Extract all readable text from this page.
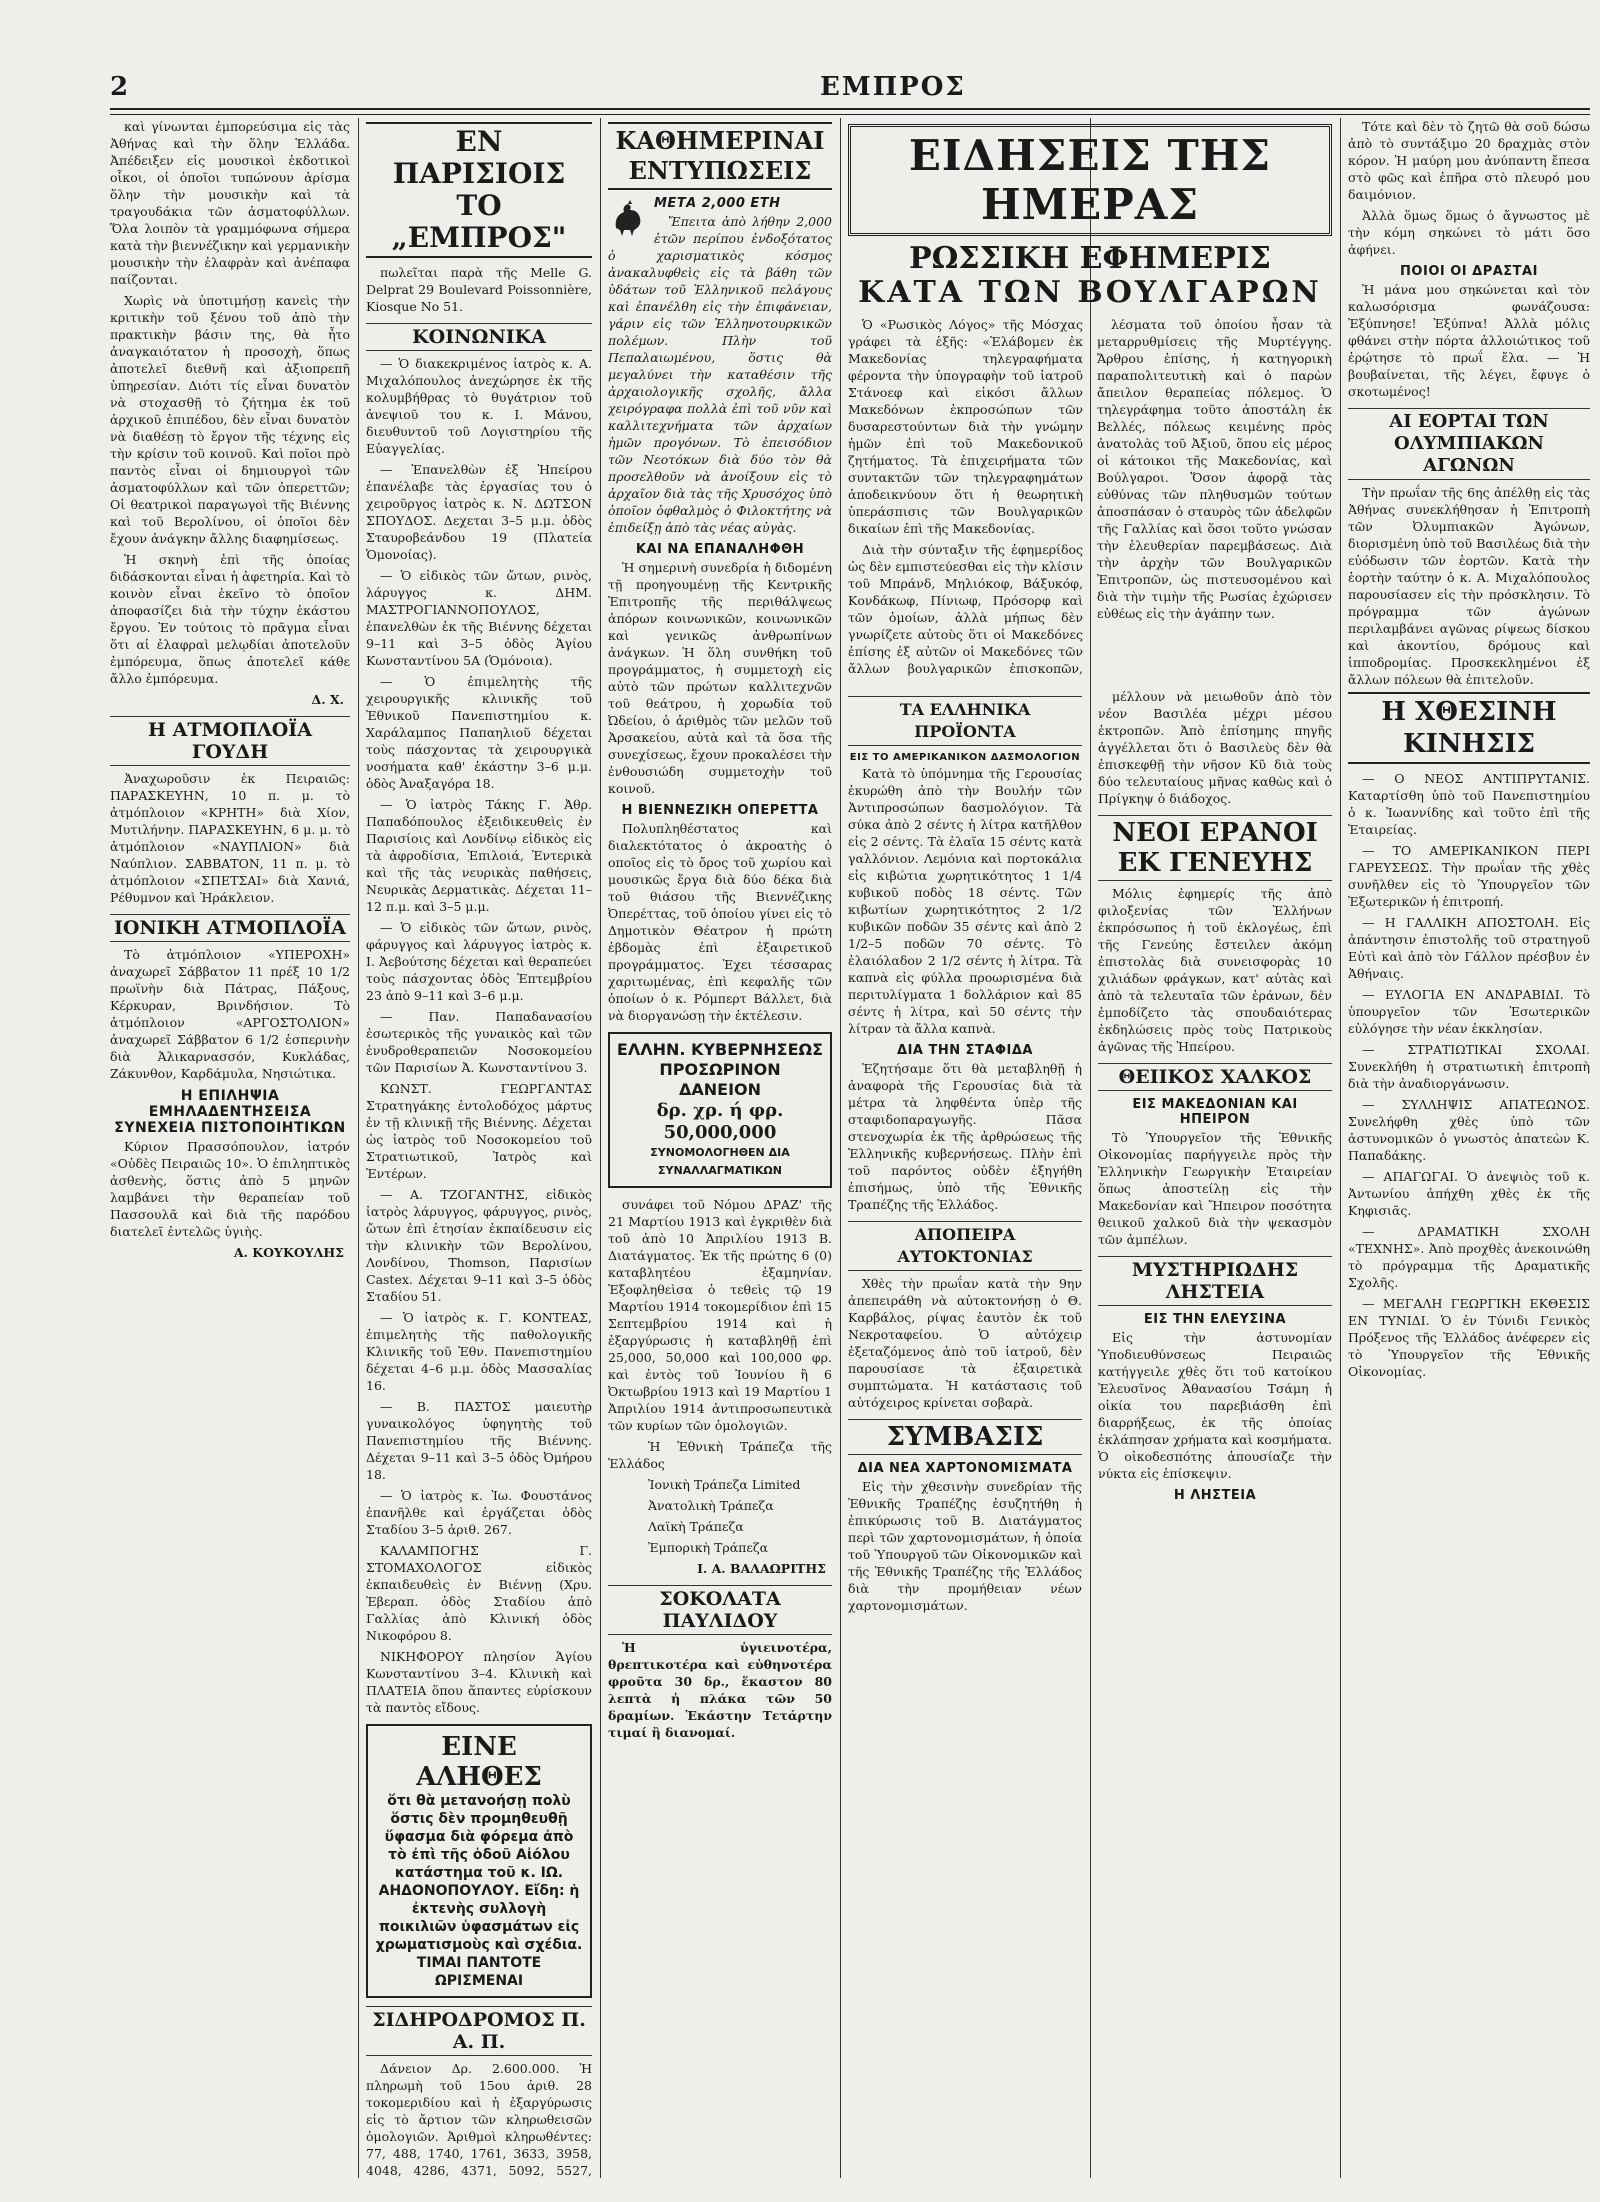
2	ΕΜΠΡΟΣ

καὶ γίνωνται ἐμπορεύσιμα εἰς τὰς Ἀθήνας καὶ τὴν ὅλην Ἑλλάδα. Ἀπέδειξεν εἰς μουσικοὶ ἐκδοτικοὶ οἶκοι, οἱ ὁποῖοι τυπώνουν ἀρίσμα ὅλην τὴν μουσικὴν καὶ τὰ τραγουδάκια τῶν ἀσματοφύλλων. Ὅλα λοιπὸν τὰ γραμμόφωνα σήμερα κατὰ τὴν βιεννέζικην καὶ γερμανικὴν μουσικὴν τὴν ἐλαφρὰν καὶ ἀνέπαφα παίζονται.

Χωρὶς νὰ ὑποτιμήσῃ κανεὶς τὴν κριτικὴν τοῦ ξένου τοῦ ἀπὸ τὴν πρακτικὴν βάσιν της, θὰ ἦτο ἀναγκαιότατον ἡ προσοχὴ, ὅπως ἀποτελεῖ διεθνῆ καὶ ἀξιοπρεπῆ ὑπηρεσίαν. Διότι τίς εἶναι δυνατὸν νὰ στοχασθῇ τὸ ζήτημα ἐκ τοῦ ἀρχικοῦ ἐπιπέδου, δὲν εἶναι δυνατὸν νὰ διαθέσῃ τὸ ἔργον τῆς τέχνης εἰς τὴν κρίσιν τοῦ κοινοῦ. Καὶ ποῖοι πρὸ παντὸς εἶναι οἱ δημιουργοὶ τῶν ἀσματοφύλλων καὶ τῶν ὀπερεττῶν; Οἱ θεατρικοὶ παραγωγοὶ τῆς Βιέννης καὶ τοῦ Βερολίνου, οἱ ὁποῖοι δὲν ἔχουν ἀνάγκην ἄλλης διαφημίσεως.

Ἡ σκηνὴ ἐπὶ τῆς ὁποίας διδάσκονται εἶναι ἡ ἀφετηρία. Καὶ τὸ κοινὸν εἶναι ἐκεῖνο τὸ ὁποῖον ἀποφασίζει διὰ τὴν τύχην ἑκάστου ἔργου. Ἐν τούτοις τὸ πρᾶγμα εἶναι ὅτι αἱ ἐλαφραὶ μελῳδίαι ἀποτελοῦν ἐμπόρευμα, ὅπως ἀποτελεῖ κάθε ἄλλο ἐμπόρευμα.

Δ. Χ.
Η ΑΤΜΟΠΛΟΪΑ ΓΟΥΔΗ

Ἀναχωροῦσιν ἐκ Πειραιῶς: ΠΑΡΑΣΚΕΥΗΝ, 10 π. μ. τὸ ἀτμόπλοιον «ΚΡΗΤΗ» διὰ Χίον, Μυτιλήνην. ΠΑΡΑΣΚΕΥΗΝ, 6 μ. μ. τὸ ἀτμόπλοιον «ΝΑΥΠΛΙΟΝ» διὰ Ναύπλιον. ΣΑΒΒΑΤΟΝ, 11 π. μ. τὸ ἀτμόπλοιον «ΣΠΕΤΣΑΙ» διὰ Χανιά, Ρέθυμνον καὶ Ἡράκλειον.

ΙΟΝΙΚΗ ΑΤΜΟΠΛΟΪΑ

Τὸ ἀτμόπλοιον «ΥΠΕΡΟΧΗ» ἀναχωρεῖ Σάββατον 11 πρέξ 10 1/2 πρωϊνὴν διὰ Πάτρας, Πάξους, Κέρκυραν, Βρινδήσιον. Τὸ ἀτμόπλοιον «ΑΡΓΟΣΤΟΛΙΟΝ» ἀναχωρεῖ Σάββατον 6 1/2 ἑσπερινὴν διὰ Ἀλικαρνασσόν, Κυκλάδας, Ζάκυνθον, Καρδάμυλα, Νησιώτικα.

Η ΕΠΙΛΗΨΙΑ ΕΜΗΛΑΔΕΝΤΗΣΕΙΣΑ ΣΥΝΕΧΕΙΑ ΠΙΣΤΟΠΟΙΗΤΙΚΩΝ

Κύριον Πρασσόπουλον, ἰατρόν «Οὐδὲς Πειραιῶς 10». Ὁ ἐπιληπτικὸς ἀσθενὴς, ὅστις ἀπὸ 5 μηνῶν λαμβάνει τὴν θεραπείαν τοῦ Πασσουλᾶ καὶ διὰ τῆς παρόδου διατελεῖ ἐντελῶς ὑγιὴς.

Α. ΚΟΥΚΟΥΛΗΣ
ΕΝ ΠΑΡΙΣΙΟΙΣ ΤΟ „ΕΜΠΡΟΣ"

πωλεῖται παρὰ τῆς Melle G. Delprat 29 Boulevard Poissonnière, Kiosque No 51.

ΚΟΙΝΩΝΙΚΑ

— Ὁ διακεκριμένος ἰατρὸς κ. Α. Μιχαλόπουλος ἀνεχώρησε ἐκ τῆς κολυμβήθρας τὸ θυγάτριον τοῦ ἀνεψιοῦ του κ. Ι. Μάνου, διευθυντοῦ τοῦ Λογιστηρίου τῆς Εὐαγγελίας.

— Ἐπανελθὼν ἐξ Ἠπείρου ἐπανέλαβε τὰς ἐργασίας του ὁ χειροῦργος ἰατρὸς κ. Ν. ΔΩΤΣΟΝ ΣΠΟΥΔΟΣ. Δεχεται 3–5 μ.μ. ὁδὸς Σταυροβεάνδου 19 (Πλατεία Ὁμονοίας).

— Ὁ εἰδικὸς τῶν ὤτων, ρινὸς, λάρυγγος κ. ΔΗΜ. ΜΑΣΤΡΟΓΙΑΝΝΟΠΟΥΛΟΣ, ἐπανελθὼν ἐκ τῆς Βιέννης δέχεται 9–11 καὶ 3–5 ὁδὸς Ἁγίου Κωνσταντίνου 5Α (Ὁμόνοια).

— Ὁ ἐπιμελητὴς τῆς χειρουργικῆς κλινικῆς τοῦ Ἐθνικοῦ Πανεπιστημίου κ. Χαράλαμπος Παπαηλιοῦ δέχεται τοὺς πάσχοντας τὰ χειρουργικὰ νοσήματα καθ' ἑκάστην 3–6 μ.μ. ὁδὸς Ἀναξαγόρα 18.

— Ὁ ἰατρὸς Τάκης Γ. Ἀθρ. Παπαδόπουλος ἐξειδικευθεὶς ἐν Παρισίοις καὶ Λονδίνῳ εἰδικὸς εἰς τὰ ἀφροδίσια, Ἐπιλοιά, Ἐντερικὰ καὶ τῆς τὰς νευρικὰς παθήσεις, Νευρικὰς Δερματικὰς. Δέχεται 11–12 π.μ. καὶ 3–5 μ.μ.

— Ὁ εἰδικὸς τῶν ὤτων, ρινὸς, φάρυγγος καὶ λάρυγγος ἰατρὸς κ. Ι. Ἀεβούτσης δέχεται καὶ θεραπεύει τοὺς πάσχοντας ὁδὸς Ἐπτεμβρίου 23 ἀπὸ 9–11 καὶ 3–6 μ.μ.

— Παν. Παπαδανασίου ἐσωτερικὸς τῆς γυναικὸς καὶ τῶν ἐνυδροθεραπειῶν Νοσοκομείου τῶν Παρισίων Ἀ. Κωνσταντίνου 3.

ΚΩΝΣΤ. ΓΕΩΡΓΑΝΤΑΣ Στρατηγάκης ἐντολοδόχος μάρτυς ἐν τῇ κλινικῇ τῆς Βιέννης. Δέχεται ὡς ἰατρὸς τοῦ Νοσοκομείου τοῦ Στρατιωτικοῦ, Ἰατρὸς καὶ Ἐντέρων.

— Α. ΤΖΟΓΑΝΤΗΣ, εἰδικὸς ἰατρὸς λάρυγγος, φάρυγγος, ρινὸς, ὤτων ἐπὶ ἐτησίαν ἐκπαίδευσιν εἰς τὴν κλινικὴν τῶν Βερολίνου, Λονδίνου, Thomson, Παρισίων Castex. Δέχεται 9–11 καὶ 3–5 ὁδὸς Σταδίου 51.

— Ὁ ἰατρὸς κ. Γ. ΚΟΝΤΕΑΣ, ἐπιμελητὴς τῆς παθολογικῆς Κλινικῆς τοῦ Ἐθν. Πανεπιστημίου δέχεται 4–6 μ.μ. ὁδὸς Μασσαλίας 16.

— Β. ΠΑΣΤΟΣ μαιευτὴρ γυναικολόγος ὑφηγητὴς τοῦ Πανεπιστημίου τῆς Βιέννης. Δέχεται 9–11 καὶ 3–5 ὁδὸς Ὀμήρου 18.

— Ὁ ἰατρὸς κ. Ἰω. Φουστάνος ἐπανῆλθε καὶ ἐργάζεται ὁδὸς Σταδίου 3–5 ἀριθ. 267.

ΚΑΛΑΜΠΟΓΗΣ Γ. ΣΤΟΜΑΧΟΛΟΓΟΣ εἰδικὸς ἐκπαιδευθεὶς ἐν Βιέννῃ (Χρυ. Ἐβεραπ. ὁδὸς Σταδίου ἀπὸ Γαλλίας ἀπὸ Κλινική ὁδὸς Νικοφόρου 8.

ΝΙΚΗΦΟΡΟΥ πλησίον Ἁγίου Κωνσταντίνου 3–4. Κλινικὴ καὶ ΠΛΑΤΕΙΑ ὅπου ἅπαντες εὑρίσκουν τὰ παντὸς εἴδους.

ΕΙΝΕ ΑΛΗΘΕΣ
ὅτι θὰ μετανοήσῃ πολὺ ὅστις δὲν προμηθευθῇ ὕφασμα διὰ φόρεμα ἀπὸ τὸ ἐπὶ τῆς ὁδοῦ Αἰόλου κατάστημα τοῦ κ. ΙΩ. ΑΗΔΟΝΟΠΟΥΛΟΥ. Εἴδη: ἡ ἐκτενὴς συλλογὴ ποικιλιῶν ὑφασμάτων εἰς χρωματισμοὺς καὶ σχέδια. ΤΙΜΑΙ ΠΑΝΤΟΤΕ ΩΡΙΣΜΕΝΑΙ
ΣΙΔΗΡΟΔΡΟΜΟΣ Π. Α. Π.

Δάνειον Δρ. 2.600.000. Ἡ πληρωμὴ τοῦ 15ου ἀριθ. 28 τοκομεριδίου καὶ ἡ ἐξαργύρωσις εἰς τὸ ἄρτιον τῶν κληρωθεισῶν ὁμολογιῶν. Ἀριθμοὶ κληρωθέντες: 77, 488, 1740, 1761, 3633, 3958, 4048, 4286, 4371, 5092, 5527,

ΚΑΘΗΜΕΡΙΝΑΙ ΕΝΤΥΠΩΣΕΙΣ
ΜΕΤΑ 2,000 ΕΤΗ

Ἔπειτα ἀπὸ λήθην 2,000 ἐτῶν περίπου ἐνδοξότατος ὁ χαρισματικὸς κόσμος ἀνακαλυφθεὶς εἰς τὰ βάθη τῶν ὑδάτων τοῦ Ἑλληνικοῦ πελάγους καὶ ἐπανέλθη εἰς τὴν ἐπιφάνειαν, γάριν εἰς τῶν Ἑλληνοτουρκικῶν πολέμων. Πλὴν τοῦ Πεπαλαιωμένου, ὅστις θὰ μεγαλύνει τὴν καταθέσιν τῆς ἀρχαιολογικῆς σχολῆς, ἄλλα χειρόγραφα πολλὰ ἐπὶ τοῦ νῦν καὶ καλλιτεχνήματα τῶν ἀρχαίων ἡμῶν προγόνων. Τὸ ἐπεισόδιον τῶν Νεοτόκων διὰ δύο τὸν θὰ προσελθοῦν νὰ ἀνοίξουν εἰς τὸ ἀρχαῖον διὰ τὰς τῆς Χρυσόχος ὑπὸ ὁποῖον ὀφθαλμὸς ὁ Φιλοκτήτης νὰ ἐπιδείξῃ ἀπὸ τὰς νέας αὐγὰς.

ΚΑΙ ΝΑ ΕΠΑΝΑΛΗΦΘΗ

Ἡ σημερινὴ συνεδρία ἡ διδομένη τῇ προηγουμένῃ τῆς Κεντρικῆς Ἐπιτροπῆς τῆς περιθάλψεως ἀπόρων κοινωνικῶν, κοινωνικῶν καὶ γενικῶς ἀνθρωπίνων ἀνάγκων. Ἡ ὅλη συνθήκη τοῦ προγράμματος, ἡ συμμετοχὴ εἰς αὐτὸ τῶν πρώτων καλλιτεχνῶν τοῦ θεάτρου, ἡ χορωδία τοῦ Ὠδείου, ὁ ἀριθμὸς τῶν μελῶν τοῦ Ἀρσακείου, αὐτὰ καὶ τὰ ὅσα τῆς συνεχίσεως, ἔχουν προκαλέσει τὴν ἐνθουσιώδη συμμετοχὴν τοῦ κοινοῦ.

Η ΒΙΕΝΝΕΖΙΚΗ ΟΠΕΡΕΤΤΑ

Πολυπληθέστατος καὶ διαλεκτότατος ὁ ἀκροατὴς ὁ οποῖος εἰς τὸ ὄρος τοῦ χωρίου καὶ μουσικῶς ἔργα διὰ δύο δέκα διὰ τοῦ θιάσου τῆς Βιεννέζικης Ὀπερέττας, τοῦ ὁποίου γίνει εἰς τὸ Δημοτικὸν Θέατρον ἡ πρώτη ἐβδομὰς ἐπὶ ἐξαιρετικοῦ προγράμματος. Ἐχει τέσσαρας χαριτωμένας, ἐπὶ κεφαλῆς τῶν ὁποίων ὁ κ. Ρόμπερτ Βάλλετ, διὰ νὰ διοργανώσῃ τὴν ἐκτέλεσιν.

ΕΛΛΗΝ. ΚΥΒΕΡΝΗΣΕΩΣ ΠΡΟΣΩΡΙΝΟΝ ΔΑΝΕΙΟΝ
δρ. χρ. ή φρ. 50,000,000
ΣΥΝΟΜΟΛΟΓΗΘΕΝ ΔΙΑ ΣΥΝΑΛΛΑΓΜΑΤΙΚΩΝ

συνάφει τοῦ Νόμου ΔΡΑΖ' τῆς 21 Μαρτίου 1913 καὶ ἐγκριθὲν διὰ τοῦ ἀπὸ 10 Ἀπριλίου 1913 Β. Διατάγματος. Ἐκ τῆς πρώτης 6 (0) καταβλητέου ἐξαμηνίαν. Ἐξοφληθεὶσα ὁ τεθεὶς τῷ 19 Μαρτίου 1914 τοκομερίδιον ἐπὶ 15 Σεπτεμβρίου 1914 καὶ ἡ ἐξαργύρωσις ἡ καταβληθῇ ἐπὶ 25,000, 50,000 καὶ 100,000 φρ. καὶ ἐντὸς τοῦ Ἰουνίου ἢ 6 Ὀκτωβρίου 1913 καὶ 19 Μαρτίου 1 Ἀπριλίου 1914 ἀντιπροσωπευτικὰ τῶν κυρίων τῶν ὁμολογιῶν.

Ἡ Ἐθνικὴ Τράπεζα τῆς Ἑλλάδος

Ἰονικὴ Τράπεζα Limited

Ἀνατολικὴ Τράπεζα

Λαϊκὴ Τράπεζα

Ἐμπορικὴ Τράπεζα

Ι. Α. ΒΑΛΑΩΡΙΤΗΣ
ΣΟΚΟΛΑΤΑ ΠΑΥΛΙΔΟΥ

Ἡ ὑγιεινοτέρα, θρεπτικοτέρα καὶ εὐθηνοτέρα φροῦτα 30 δρ., ἕκαστον 80 λεπτὰ ἡ πλάκα τῶν 50 δραμίων. Ἑκάστην Τετάρτην τιμαί ἢ διανομαί.

ΕΙΔΗΣΕΙΣ ΤΗΣ ΗΜΕΡΑΣ
ΡΩΣΣΙΚΗ ΕΦΗΜΕΡΙΣ
ΚΑΤΑ ΤΩΝ ΒΟΥΛΓΑΡΩΝ

Ὁ «Ρωσικὸς Λόγος» τῆς Μόσχας γράφει τὰ ἑξῆς: «Ἐλάβομεν ἐκ Μακεδονίας τηλεγραφήματα φέροντα τὴν ὑπογραφὴν τοῦ ἰατροῦ Στάνοεφ καὶ εἰκόσι ἄλλων Μακεδόνων ἐκπροσώπων τῶν δυσαρεστούντων διὰ τὴν γνώμην ἡμῶν ἐπὶ τοῦ Μακεδονικοῦ ζητήματος. Τὰ ἐπιχειρήματα τῶν συντακτῶν τῶν τηλεγραφημάτων ἀποδεικνύουν ὅτι ἡ θεωρητικὴ ὑπεράσπισις τῶν Βουλγαρικῶν δικαίων ἐπὶ τῆς Μακεδονίας.

Διὰ τὴν σύνταξιν τῆς ἐφημερίδος ὡς δὲν εμπιστεύεσθαι εἰς τὴν κλίσιν τοῦ Μπράνδ, Μηλιόκοφ, Βάξυκόφ, Κονδάκωφ, Πίνιωφ, Πρόσορφ καὶ τῶν ὁμοίων, ἀλλὰ μήπως δὲν γνωρίζετε αὐτοὺς ὅτι οἱ Μακεδόνες ἐπίσης ἐξ αὐτῶν οἱ Μακεδόνες τῶν ἄλλων βουλγαρικῶν ἐπισκοπῶν,

λέσματα τοῦ ὁποίου ἦσαν τὰ μεταρρυθμίσεις τῆς Μυρτέγγης. Ἄρθρου ἐπίσης, ἡ κατηγορικὴ παραπολιτευτικὴ καὶ ὁ παρὼν ἄπειλον θεραπείας πόλεμος. Ὁ τηλεγράφημα τοῦτο ἀποστάλη ἐκ Βελλές, πόλεως κειμένης πρὸς ἀνατολὰς τοῦ Ἀξιοῦ, ὅπου εἰς μέρος οἱ κάτοικοι τῆς Μακεδονίας, καὶ Βούλγαροι. Ὅσον ἀφορᾷ τὰς εὐθύνας τῶν πληθυσμῶν τούτων ἀποσπάσαν ὁ σταυρὸς τῶν ἀδελφῶν τῆς Γαλλίας καὶ ὅσοι τοῦτο γνώσαν τὴν ἐλευθερίαν παρεμβάσεως. Διὰ τὴν ἀρχὴν τῶν Βουλγαρικῶν Ἐπιτροπῶν, ὡς πιστευσομένου καὶ διὰ τὴν τιμὴν τῆς Ρωσίας ἐχώρισεν εὐθέως εἰς τὴν ἀγάπην των.

ΤΑ ΕΛΛΗΝΙΚΑ ΠΡΟΪΟΝΤΑ
ΕΙΣ ΤΟ ΑΜΕΡΙΚΑΝΙΚΟΝ ΔΑΣΜΟΛΟΓΙΟΝ

Κατὰ τὸ ὑπόμνημα τῆς Γερουσίας ἐκυρώθη ἀπὸ τὴν Βουλήν τῶν Ἀντιπροσώπων δασμολόγιον. Τὰ σύκα ἀπὸ 2 σέντς ἡ λίτρα κατῆλθον εἰς 2 σέντς. Τὰ ἐλαῖα 15 σέντς κατὰ γαλλόνιον. Λεμόνια καὶ πορτοκάλια εἰς κιβώτια χωρητικότητος 1 1/4 κυβικοῦ ποδὸς 18 σέντς. Τῶν κιβωτίων χωρητικότητος 2 1/2 κυβικῶν ποδῶν 35 σέντς καὶ ἀπὸ 2 1/2–5 ποδῶν 70 σέντς. Τὸ ἐλαιόλαδον 2 1/2 σέντς ἡ λίτρα. Τὰ καπνὰ εἰς φύλλα προωρισμένα διὰ περιτυλίγματα 1 δολλάριον καὶ 85 σέντς ἡ λίτρα, καὶ 50 σέντς τὴν λίτραν τὰ ἄλλα καπνὰ.

ΔΙΑ ΤΗΝ ΣΤΑΦΙΔΑ

Ἐζητήσαμε ὅτι θὰ μεταβληθῇ ἡ ἀναφορὰ τῆς Γερουσίας διὰ τὰ μέτρα τὰ ληφθέντα ὑπὲρ τῆς σταφιδοπαραγωγῆς. Πᾶσα στενοχωρία ἐκ τῆς ἀρθρώσεως τῆς Ἑλληνικῆς κυβερνήσεως. Πλὴν ἐπὶ τοῦ παρόντος οὐδὲν ἐξηγήθη ἐπισήμως, ὑπὸ τῆς Ἐθνικῆς Τραπέζης τῆς Ἑλλάδος.

ΑΠΟΠΕΙΡΑ ΑΥΤΟΚΤΟΝΙΑΣ

Χθὲς τὴν πρωΐαν κατὰ τὴν 9ην ἀπεπειράθη νὰ αὐτοκτονήσῃ ὁ Θ. Καρβάλος, ρίψας ἑαυτὸν ἐκ τοῦ Νεκροταφείου. Ὁ αὐτόχειρ ἐξεταζόμενος ἀπὸ τοῦ ἰατροῦ, δὲν παρουσίασε τὰ ἐξαιρετικὰ συμπτώματα. Ἡ κατάστασις τοῦ αὐτόχειρος κρίνεται σοβαρὰ.

ΣΥΜΒΑΣΙΣ
ΔΙΑ ΝΕΑ ΧΑΡΤΟΝΟΜΙΣΜΑΤΑ

Εἰς τὴν χθεσινὴν συνεδρίαν τῆς Ἐθνικῆς Τραπέζης ἐσυζητήθη ἡ ἐπικύρωσις τοῦ Β. Διατάγματος περὶ τῶν χαρτονομισμάτων, ἡ ὁποία τοῦ Ὑπουργοῦ τῶν Οἰκονομικῶν καὶ τῆς Ἐθνικῆς Τραπέζης τῆς Ἑλλάδος διὰ τὴν προμήθειαν νέων χαρτονομισμάτων.

μέλλουν νὰ μειωθοῦν ἀπὸ τὸν νέον Βασιλέα μέχρι μέσου ἐκτροπῶν. Ἀπὸ ἐπίσημης πηγῆς ἀγγέλλεται ὅτι ὁ Βασιλεὺς δὲν θὰ ἐπισκεφθῇ τὴν νῆσον Κῦ διὰ τοὺς δύο τελευταίους μῆνας καθὼς καὶ ὁ Πρίγκηψ ὁ διάδοχος.

ΝΕΟΙ ΕΡΑΝΟΙ ΕΚ ΓΕΝΕΥΗΣ

Μόλις ἐφημερίς τῆς ἀπὸ φιλοξενίας τῶν Ἑλλήνων ἐκπρόσωπος ἡ τοῦ ἐκλογέως, ἐπὶ τῆς Γενεύης ἔστειλεν ἀκόμη ἐπιστολὰς διὰ συνεισφορὰς 10 χιλιάδων φράγκων, κατ' αὐτὰς καὶ ἀπὸ τὰ τελευταῖα τῶν ἐράνων, δὲν ἐμποδίζετο τὰς σπουδαιότερας ἐκδηλώσεις πρὸς τοὺς Πατρικοὺς ἀγῶνας τῆς Ἠπείρου.

ΘΕΙΙΚΟΣ ΧΑΛΚΟΣ
ΕΙΣ ΜΑΚΕΔΟΝΙΑΝ ΚΑΙ ΗΠΕΙΡΟΝ

Τὸ Ὑπουργεῖον τῆς Ἐθνικῆς Οἰκονομίας παρήγγειλε πρὸς τὴν Ἑλληνικὴν Γεωργικὴν Ἑταιρείαν ὅπως ἀποστείλῃ εἰς τὴν Μακεδονίαν καὶ Ἤπειρον ποσότητα θειικοῦ χαλκοῦ διὰ τὴν ψεκασμὸν τῶν ἀμπέλων.

ΜΥΣΤΗΡΙΩΔΗΣ ΛΗΣΤΕΙΑ
ΕΙΣ ΤΗΝ ΕΛΕΥΣΙΝΑ

Εἰς τὴν ἀστυνομίαν Ὑποδιευθύνσεως Πειραιῶς κατήγγειλε χθὲς ὅτι τοῦ κατοίκου Ἐλευσῖνος Ἀθανασίου Τσάμη ἡ οἰκία του παρεβιάσθη ἐπὶ διαρρήξεως, ἐκ τῆς ὁποίας ἐκλάπησαν χρήματα καὶ κοσμήματα. Ὁ οἰκοδεσπότης ἀπουσίαζε τὴν νύκτα εἰς ἐπίσκεψιν.

Η ΛΗΣΤΕΙΑ

Τότε καὶ δὲν τὸ ζητῶ θὰ σοῦ δώσω ἀπὸ τὸ συντάξιμο 20 δραχμὰς στὸν κόρον. Ἡ μαύρη μου ἀνύπαντη ἔπεσα στὸ φῶς καὶ ἐπῆρα στὸ πλευρό μου δαιμόνιον.

Ἀλλὰ ὅμως ὅμως ὁ ἄγνωστος μὲ τὴν κόμη σηκώνει τὸ μάτι ὅσο ἀφήνει.

ΠΟΙΟΙ ΟΙ ΔΡΑΣΤΑΙ

Ἡ μάνα μου σηκώνεται καὶ τὸν καλωσόρισμα φωνάζουσα: Ἐξύπνησε! Ἐξύπνα! Ἀλλὰ μόλις φθάνει στὴν πόρτα ἀλλοιώτικος τοῦ ἐρῴτησε τὸ πρωΐ ἔλα. — Ἡ βουβαίνεται, τῆς λέγει, ἔφυγε ὁ σκοτωμένος!

ΑΙ ΕΟΡΤΑΙ ΤΩΝ ΟΛΥΜΠΙΑΚΩΝ ΑΓΩΝΩΝ

Τὴν πρωΐαν τῆς 6ης ἀπέλθῃ εἰς τὰς Ἀθήνας συνεκλήθησαν ἡ Ἐπιτροπὴ τῶν Ὀλυμπιακῶν Ἀγώνων, διορισμένη ὑπὸ τοῦ Βασιλέως διὰ τὴν εὐόδωσιν τῶν ἑορτῶν. Κατὰ τὴν ἑορτὴν ταύτην ὁ κ. Α. Μιχαλόπουλος παρουσίασεν εἰς τὴν πρόσκλησιν. Τὸ πρόγραμμα τῶν ἀγώνων περιλαμβάνει αγῶνας ρίψεως δίσκου καὶ ἀκοντίου, δρόμους καὶ ἱπποδρομίας. Προσκεκλημένοι ἐξ ἄλλων πόλεων θὰ ἐπιτελοῦν.

Η ΧΘΕΣΙΝΗ ΚΙΝΗΣΙΣ

— Ο ΝΕΟΣ ΑΝΤΙΠΡΥΤΑΝΙΣ. Καταρτίσθη ὑπὸ τοῦ Πανεπιστημίου ὁ κ. Ἰωαννίδης καὶ τοῦτο ἐπὶ τῆς Ἑταιρείας.

— ΤΟ ΑΜΕΡΙΚΑΝΙΚΟΝ ΠΕΡΙ ΓΑΡΕΥΣΕΩΣ. Τὴν πρωΐαν τῆς χθὲς συνῆλθεν εἰς τὸ Ὑπουργεῖον τῶν Ἐξωτερικῶν ἡ ἐπιτροπή.

— Η ΓΑΛΛΙΚΗ ΑΠΟΣΤΟΛΗ. Εἰς ἀπάντησιν ἐπιστολῆς τοῦ στρατηγοῦ Εὐτὶ καὶ ἀπὸ τὸν Γάλλον πρέσβυν ἐν Ἀθήναις.

— ΕΥΛΟΓΙΑ ΕΝ ΑΝΔΡΑΒΙΔΙ. Τὸ ὑπουργεῖον τῶν Ἐσωτερικῶν εὐλόγησε τὴν νέαν ἐκκλησίαν.

— ΣΤΡΑΤΙΩΤΙΚΑΙ ΣΧΟΛΑΙ. Συνεκλήθη ἡ στρατιωτικὴ ἐπιτροπὴ διὰ τὴν ἀναδιοργάνωσιν.

— ΣΥΛΛΗΨΙΣ ΑΠΑΤΕΩΝΟΣ. Συνελήφθη χθὲς ὑπὸ τῶν ἀστυνομικῶν ὁ γνωστὸς ἀπατεὼν Κ. Παπαδάκης.

— ΑΠΑΓΩΓΑΙ. Ὁ ἀνεψιὸς τοῦ κ. Ἀντωνίου ἀπήχθη χθὲς ἐκ τῆς Κηφισιᾶς.

— ΔΡΑΜΑΤΙΚΗ ΣΧΟΛΗ «ΤΕΧΝΗΣ». Ἀπὸ προχθὲς ἀνεκοινώθη τὸ πρόγραμμα τῆς Δραματικῆς Σχολῆς.

— ΜΕΓΑΛΗ ΓΕΩΡΓΙΚΗ ΕΚΘΕΣΙΣ ΕΝ ΤΥΝΙΔΙ. Ὁ ἐν Τύνιδι Γενικὸς Πρόξενος τῆς Ἑλλάδος ἀνέφερεν εἰς τὸ Ὑπουργεῖον τῆς Ἐθνικῆς Οἰκονομίας.
